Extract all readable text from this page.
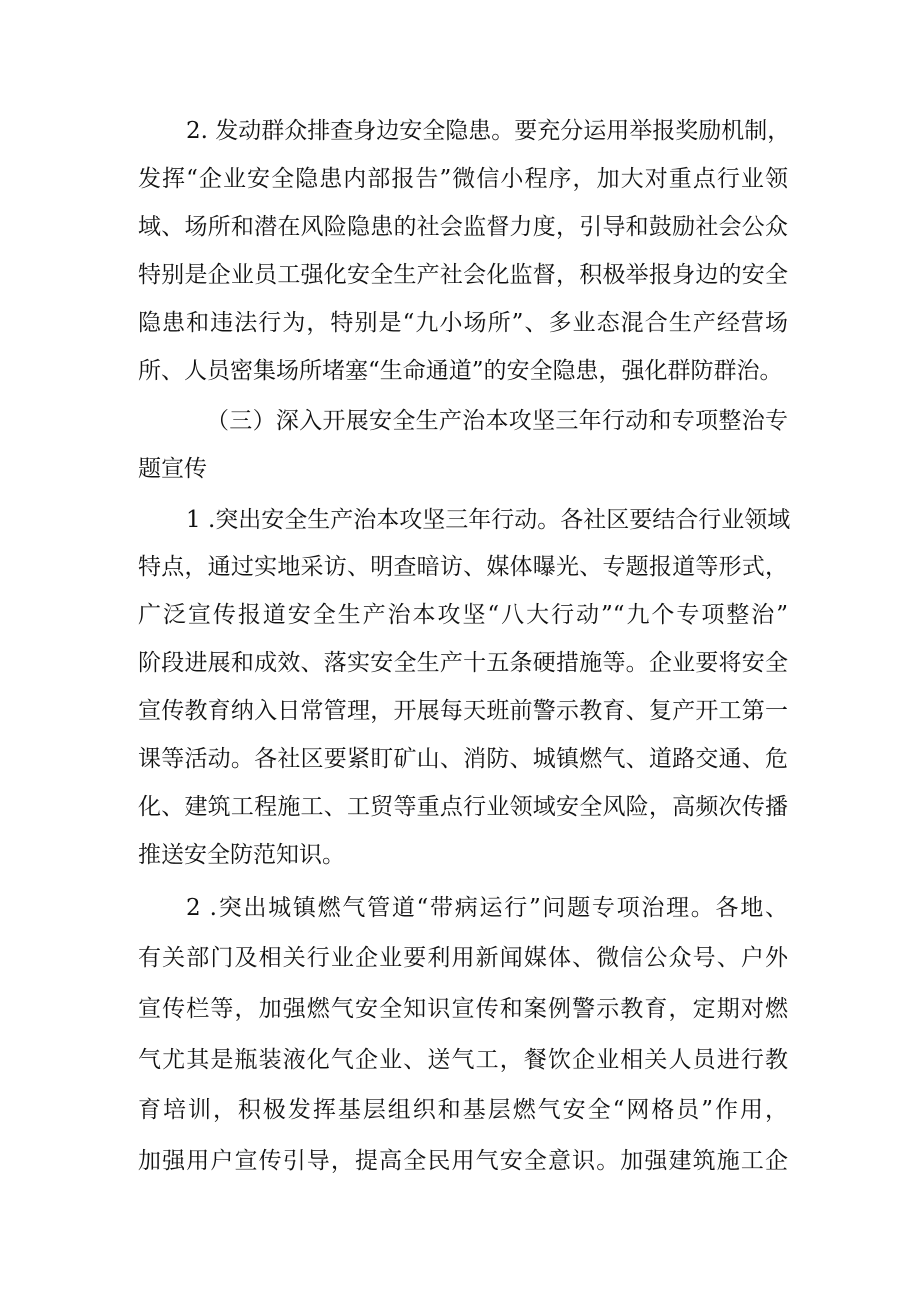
2. 发动群众排查身边安全隐患。要充分运用举报奖励机制，
发挥“企业安全隐患内部报告”微信小程序，加大对重点行业领
域、场所和潜在风险隐患的社会监督力度，引导和鼓励社会公众
特别是企业员工强化安全生产社会化监督，积极举报身边的安全
隐患和违法行为，特别是“九小场所”、多业态混合生产经营场
所、人员密集场所堵塞“生命通道”的安全隐患，强化群防群治。
（三）深入开展安全生产治本攻坚三年行动和专项整治专
题宣传
1 .突出安全生产治本攻坚三年行动。各社区要结合行业领域
特点，通过实地采访、明查暗访、媒体曝光、专题报道等形式，
广泛宣传报道安全生产治本攻坚“八大行动”“九个专项整治”
阶段进展和成效、落实安全生产十五条硬措施等。企业要将安全
宣传教育纳入日常管理，开展每天班前警示教育、复产开工第一
课等活动。各社区要紧盯矿山、消防、城镇燃气、道路交通、危
化、建筑工程施工、工贸等重点行业领域安全风险，高频次传播
推送安全防范知识。
2 .突出城镇燃气管道“带病运行”问题专项治理。各地、
有关部门及相关行业企业要利用新闻媒体、微信公众号、户外
宣传栏等，加强燃气安全知识宣传和案例警示教育，定期对燃
气尤其是瓶装液化气企业、送气工，餐饮企业相关人员进行教
育培训，积极发挥基层组织和基层燃气安全“网格员”作用，
加强用户宣传引导，提高全民用气安全意识。加强建筑施工企
